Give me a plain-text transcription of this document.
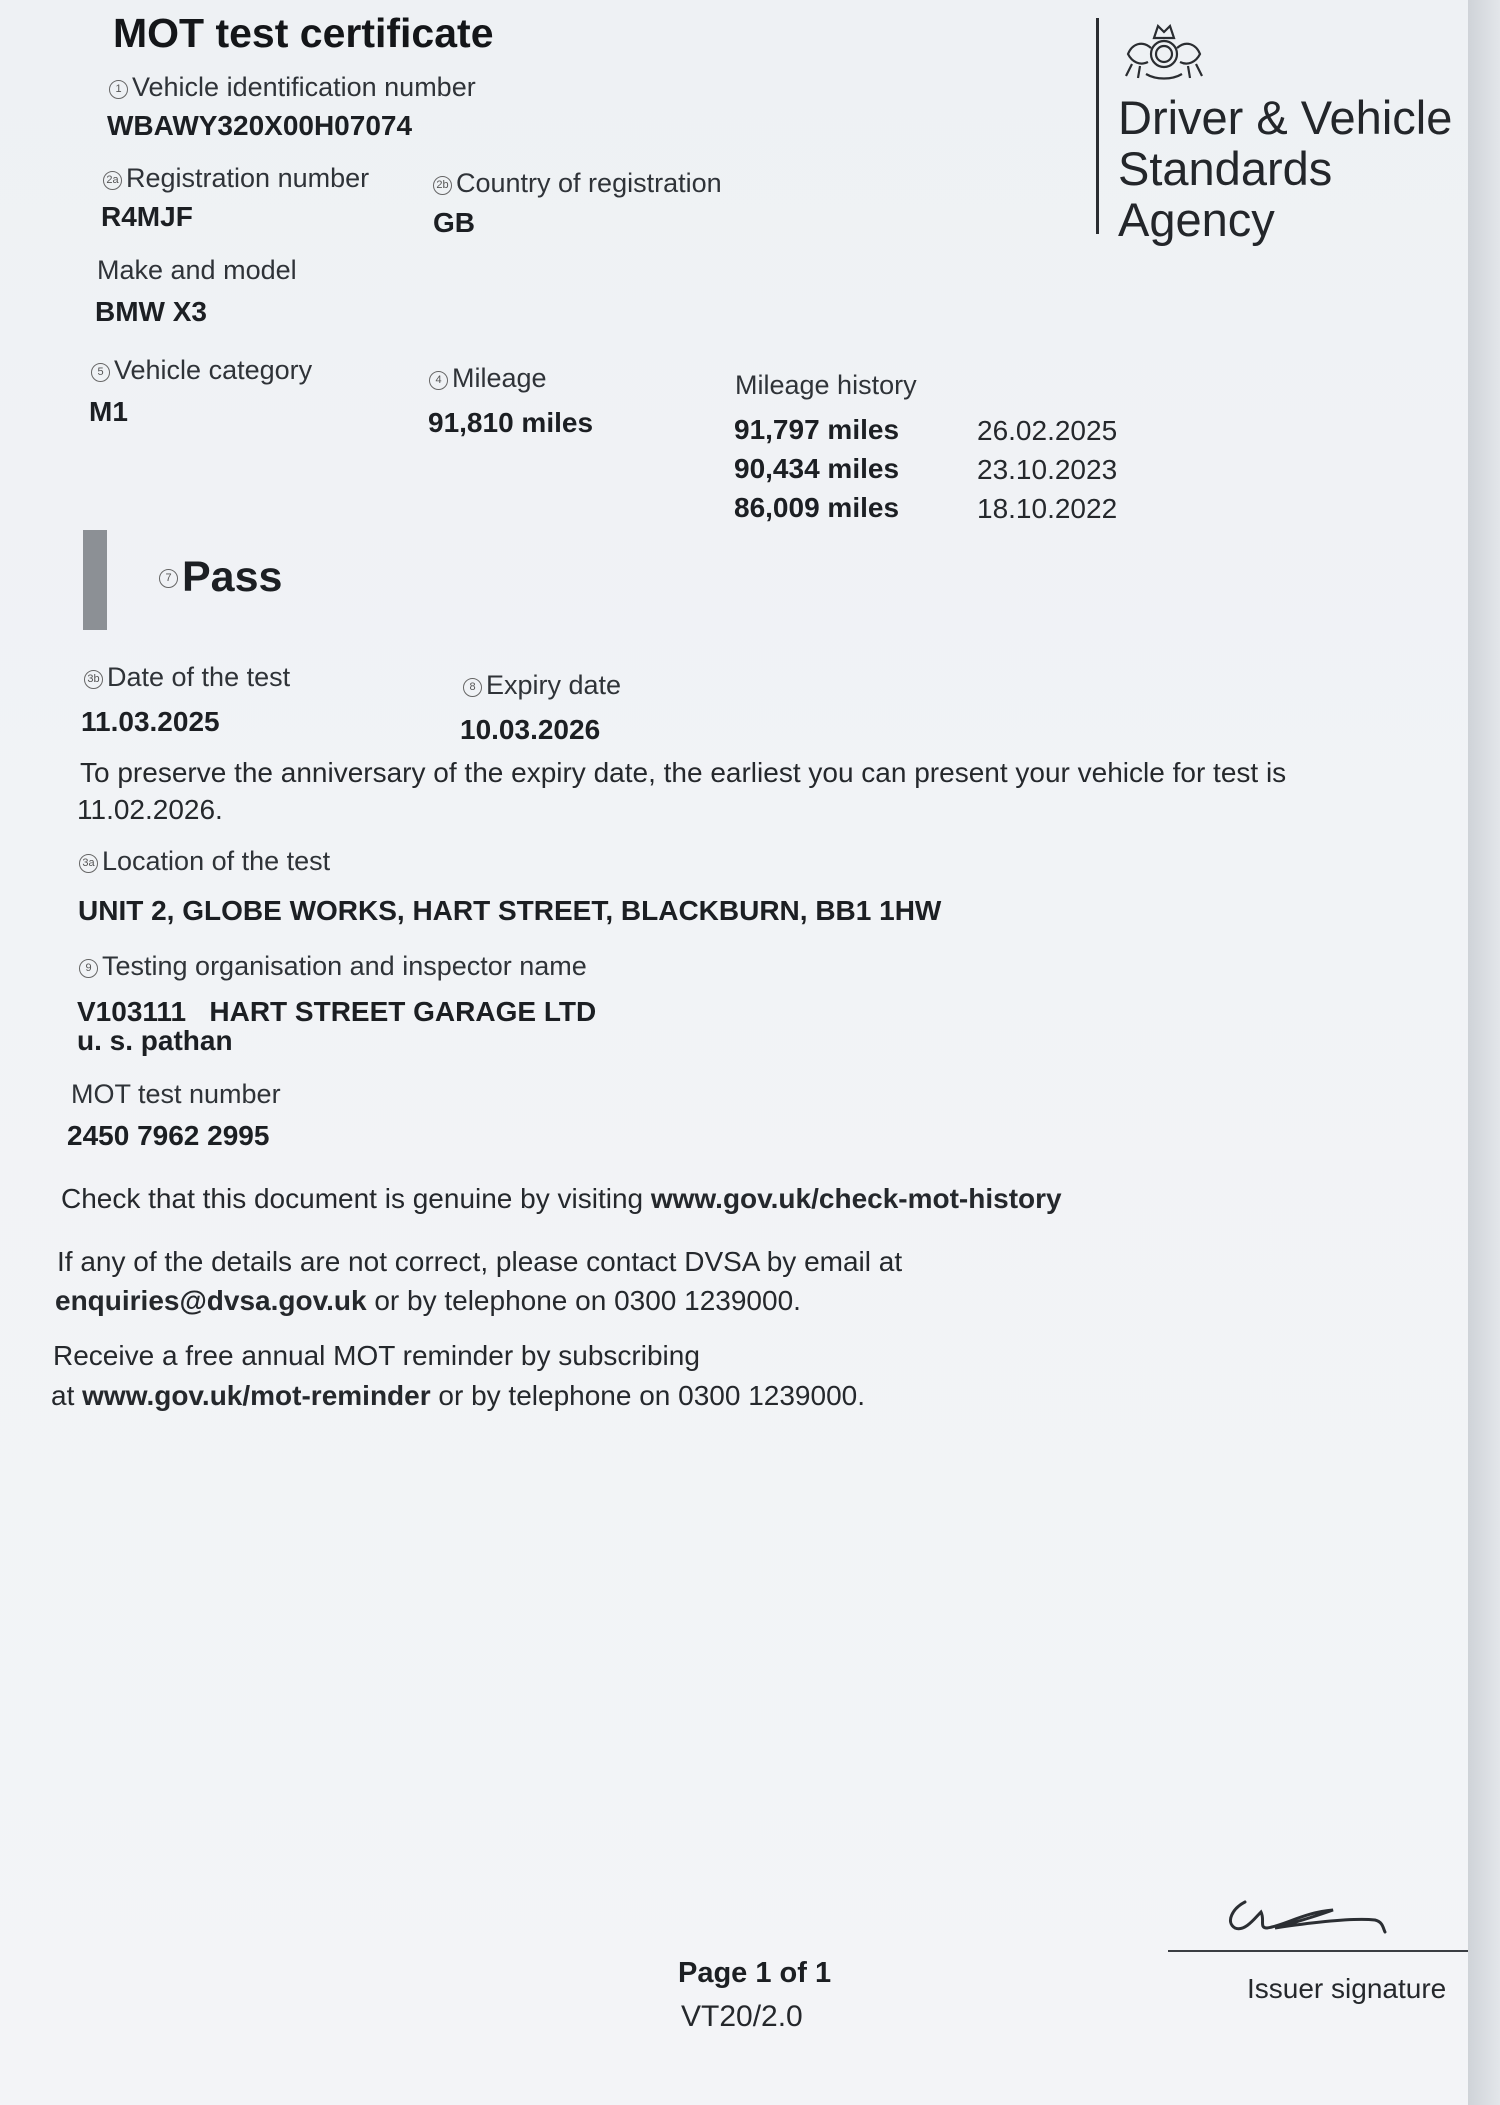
MOT test certificate
Driver & Vehicle
Standards
Agency
1 Vehicle identification number
WBAWY320X00H07074
2a Registration number
R4MJF
2b Country of registration
GB
Make and model
BMW X3
5 Vehicle category
M1
4 Mileage
91,810 miles
Mileage history
91,797 miles	26.02.2025
90,434 miles	23.10.2023
86,009 miles	18.10.2022
7 Pass
3b Date of the test
11.03.2025
8 Expiry date
10.03.2026
To preserve the anniversary of the expiry date, the earliest you can present your vehicle for test is
11.02.2026.
3a Location of the test
UNIT 2, GLOBE WORKS, HART STREET, BLACKBURN, BB1 1HW
9 Testing organisation and inspector name
V103111 HART STREET GARAGE LTD
u. s. pathan
MOT test number
2450 7962 2995
Check that this document is genuine by visiting www.gov.uk/check-mot-history
If any of the details are not correct, please contact DVSA by email at
enquiries@dvsa.gov.uk or by telephone on 0300 1239000.
Receive a free annual MOT reminder by subscribing
at www.gov.uk/mot-reminder or by telephone on 0300 1239000.
Page 1 of 1
VT20/2.0
Issuer signature
